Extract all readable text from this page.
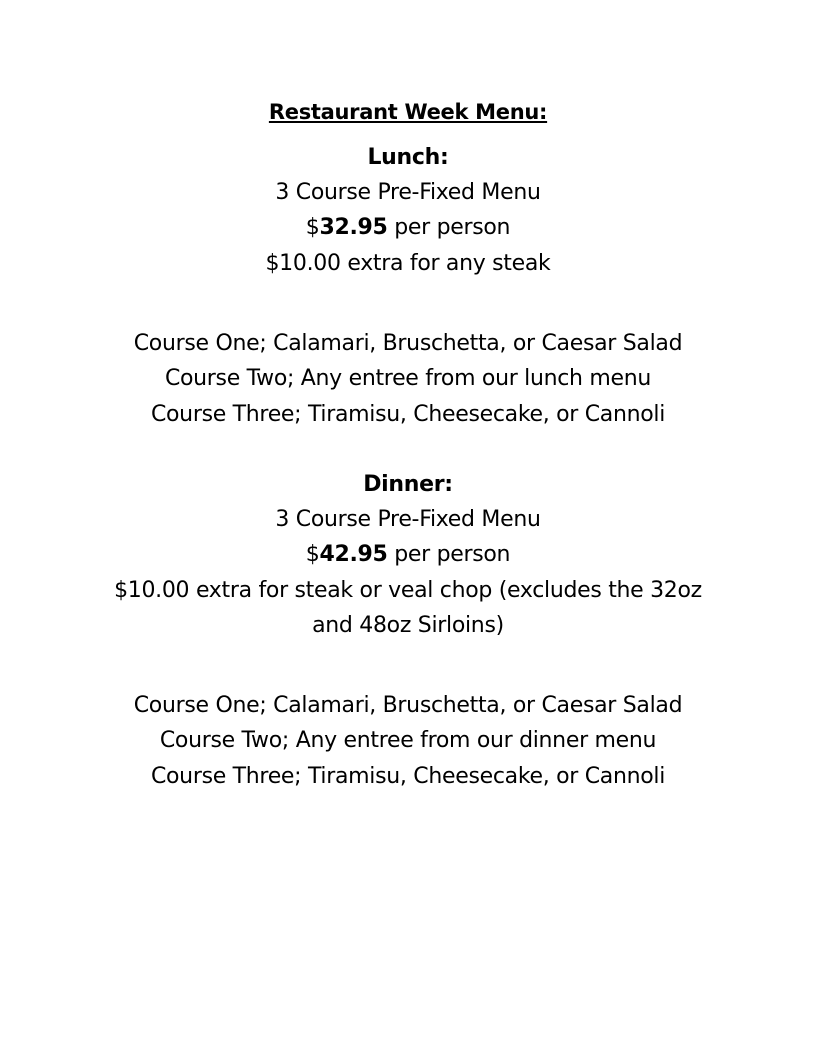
Restaurant Week Menu:
Lunch:
3 Course Pre-Fixed Menu
$32.95 per person
$10.00 extra for any steak
Course One; Calamari, Bruschetta, or Caesar Salad
Course Two; Any entree from our lunch menu
Course Three; Tiramisu, Cheesecake, or Cannoli
Dinner:
3 Course Pre-Fixed Menu
$42.95 per person
$10.00 extra for steak or veal chop (excludes the 32oz
and 48oz Sirloins)
Course One; Calamari, Bruschetta, or Caesar Salad
Course Two; Any entree from our dinner menu
Course Three; Tiramisu, Cheesecake, or Cannoli
